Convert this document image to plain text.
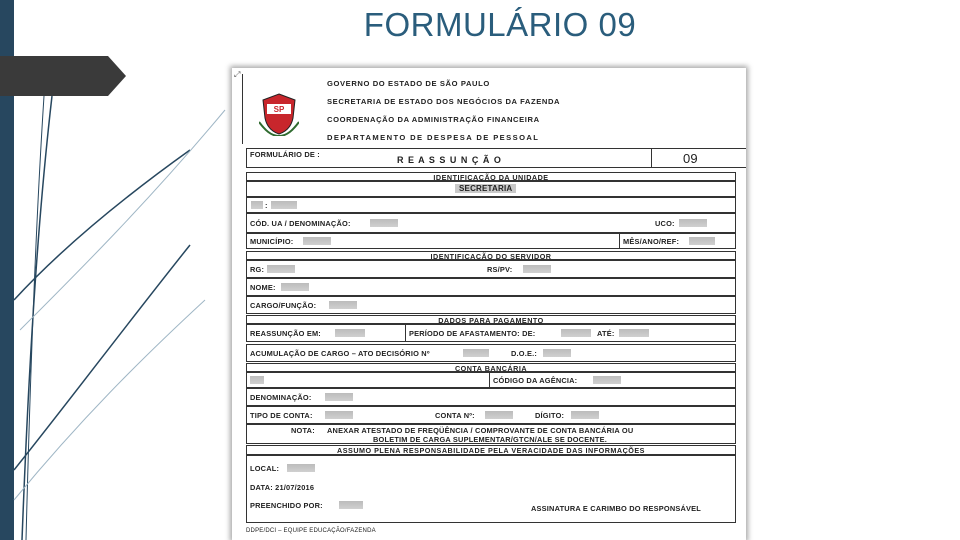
FORMULÁRIO 09
⤢
SP
GOVERNO DO ESTADO DE SÃO PAULO
SECRETARIA DE ESTADO DOS NEGÓCIOS DA FAZENDA
COORDENAÇÃO DA ADMINISTRAÇÃO FINANCEIRA
DEPARTAMENTO DE DESPESA DE PESSOAL
FORMULÁRIO DE :
R E A S S U N Ç Ã O	09
IDENTIFICAÇÃO DA UNIDADE
SECRETARIA
:
CÓD. UA / DENOMINAÇÃO:	UCO:
MUNICÍPIO:	MÊS/ANO/REF:
IDENTIFICAÇÃO DO SERVIDOR
RG:	RS/PV:
NOME:
CARGO/FUNÇÃO:
DADOS PARA PAGAMENTO
REASSUNÇÃO EM:	PERÍODO DE AFASTAMENTO: DE:	ATÉ:
ACUMULAÇÃO DE CARGO – ATO DECISÓRIO Nº	D.O.E.:
CONTA BANCÁRIA
CÓDIGO DA AGÊNCIA:
DENOMINAÇÃO:
TIPO DE CONTA:	CONTA Nº:	DÍGITO:
NOTA: ANEXAR ATESTADO DE FREQÜÊNCIA / COMPROVANTE DE CONTA BANCÁRIA OU
BOLETIM DE CARGA SUPLEMENTAR/GTCN/ALE SE DOCENTE.
ASSUMO PLENA RESPONSABILIDADE PELA VERACIDADE DAS INFORMAÇÕES
LOCAL:
DATA: 21/07/2016
PREENCHIDO POR:	ASSINATURA E CARIMBO DO RESPONSÁVEL
DDPE/DCI – EQUIPE EDUCAÇÃO/FAZENDA
